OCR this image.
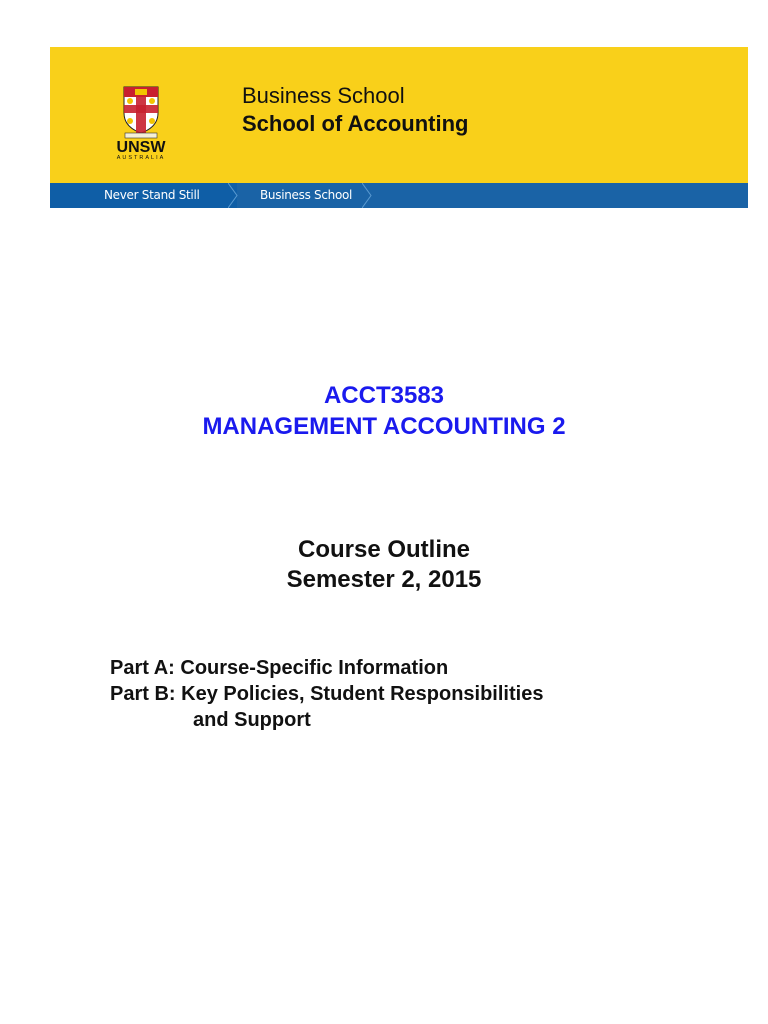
UNSW
AUSTRALIA
Business School
School of Accounting
Never Stand Still	Business School
ACCT3583
MANAGEMENT ACCOUNTING 2
Course Outline
Semester 2, 2015
Part A: Course-Specific Information
Part B: Key Policies, Student Responsibilities
and Support
